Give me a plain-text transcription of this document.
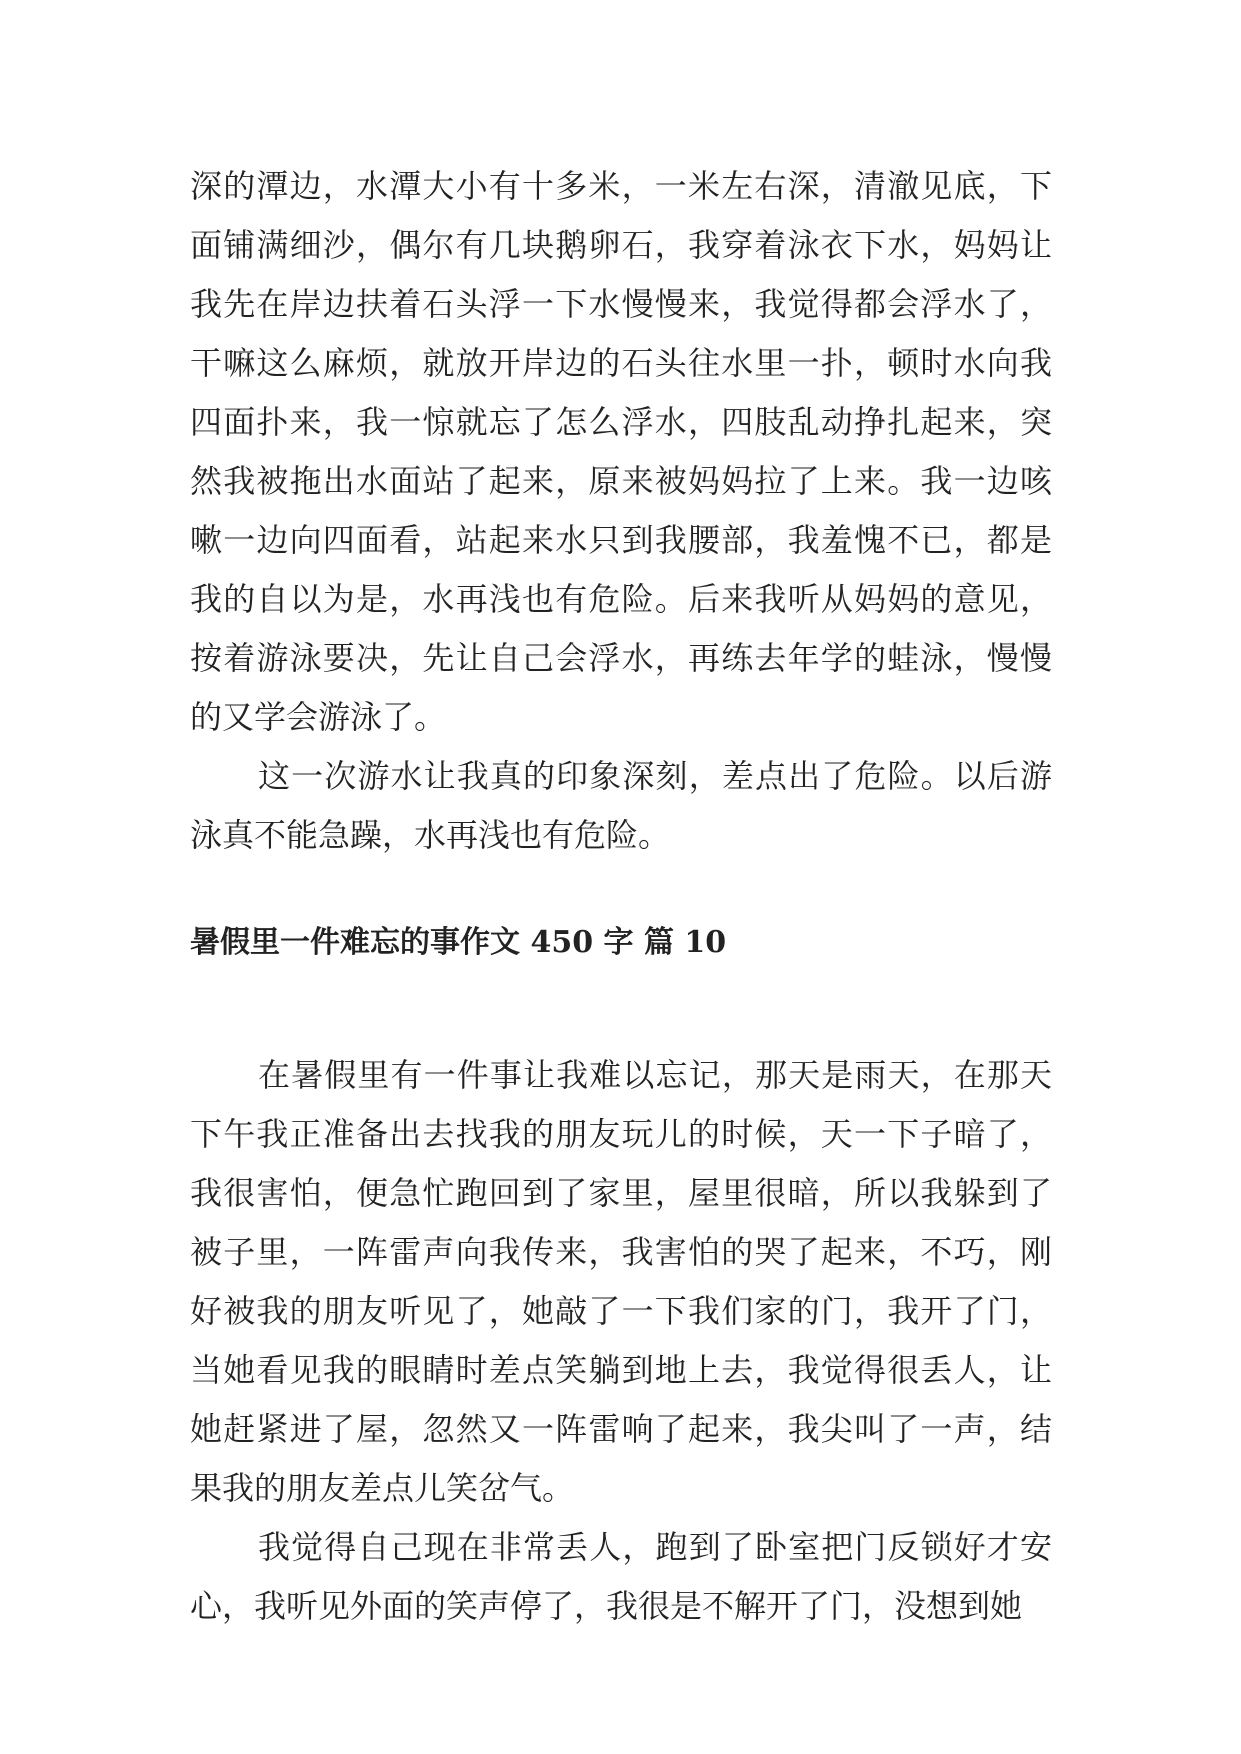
深的潭边，水潭大小有十多米，一米左右深，清澈见底，下面铺满细沙，偶尔有几块鹅卵石，我穿着泳衣下水，妈妈让我先在岸边扶着石头浮一下水慢慢来，我觉得都会浮水了，干嘛这么麻烦，就放开岸边的石头往水里一扑，顿时水向我四面扑来，我一惊就忘了怎么浮水，四肢乱动挣扎起来，突然我被拖出水面站了起来，原来被妈妈拉了上来。我一边咳嗽一边向四面看，站起来水只到我腰部，我羞愧不已，都是我的自以为是，水再浅也有危险。后来我听从妈妈的意见，按着游泳要决，先让自己会浮水，再练去年学的蛙泳，慢慢的又学会游泳了。

这一次游水让我真的印象深刻，差点出了危险。以后游泳真不能急躁，水再浅也有危险。

暑假里一件难忘的事作文 450 字 篇 10

在暑假里有一件事让我难以忘记，那天是雨天，在那天下午我正准备出去找我的朋友玩儿的时候，天一下子暗了，我很害怕，便急忙跑回到了家里，屋里很暗，所以我躲到了被子里，一阵雷声向我传来，我害怕的哭了起来，不巧，刚好被我的朋友听见了，她敲了一下我们家的门，我开了门，当她看见我的眼睛时差点笑躺到地上去，我觉得很丢人，让她赶紧进了屋，忽然又一阵雷响了起来，我尖叫了一声，结果我的朋友差点儿笑岔气。

我觉得自己现在非常丢人，跑到了卧室把门反锁好才安心，我听见外面的笑声停了，我很是不解开了门，没想到她
